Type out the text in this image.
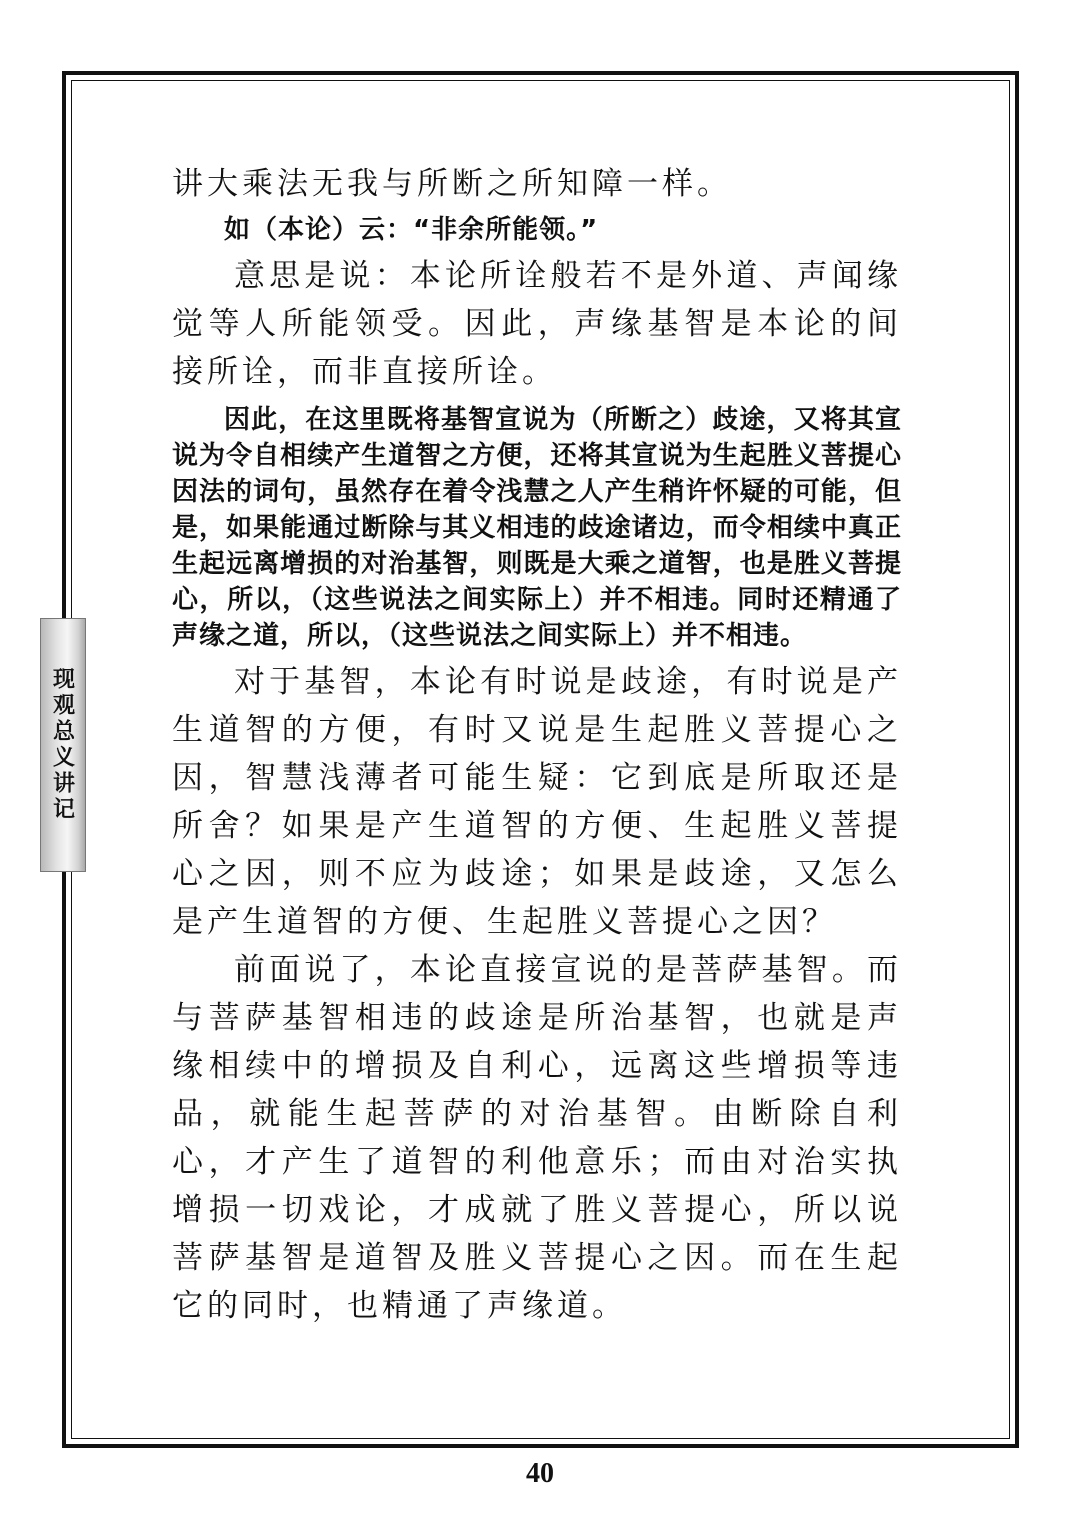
现观总义讲记

讲大乘法无我与所断之所知障一样。

如（本论）云：“非余所能领。”

意思是说：本论所诠般若不是外道、声闻缘觉等人所能领受。因此，声缘基智是本论的间接所诠，而非直接所诠。

因此，在这里既将基智宣说为（所断之）歧途，又将其宣说为令自相续产生道智之方便，还将其宣说为生起胜义菩提心因法的词句，虽然存在着令浅慧之人产生稍许怀疑的可能，但是，如果能通过断除与其义相违的歧途诸边，而令相续中真正生起远离增损的对治基智，则既是大乘之道智，也是胜义菩提心，所以，（这些说法之间实际上）并不相违。同时还精通了声缘之道，所以，（这些说法之间实际上）并不相违。

对于基智，本论有时说是歧途，有时说是产生道智的方便，有时又说是生起胜义菩提心之因，智慧浅薄者可能生疑：它到底是所取还是所舍？如果是产生道智的方便、生起胜义菩提心之因，则不应为歧途；如果是歧途，又怎么是产生道智的方便、生起胜义菩提心之因？

前面说了，本论直接宣说的是菩萨基智。而与菩萨基智相违的歧途是所治基智，也就是声缘相续中的增损及自利心，远离这些增损等违品，就能生起菩萨的对治基智。由断除自利心，才产生了道智的利他意乐；而由对治实执增损一切戏论，才成就了胜义菩提心，所以说菩萨基智是道智及胜义菩提心之因。而在生起它的同时，也精通了声缘道。

40
